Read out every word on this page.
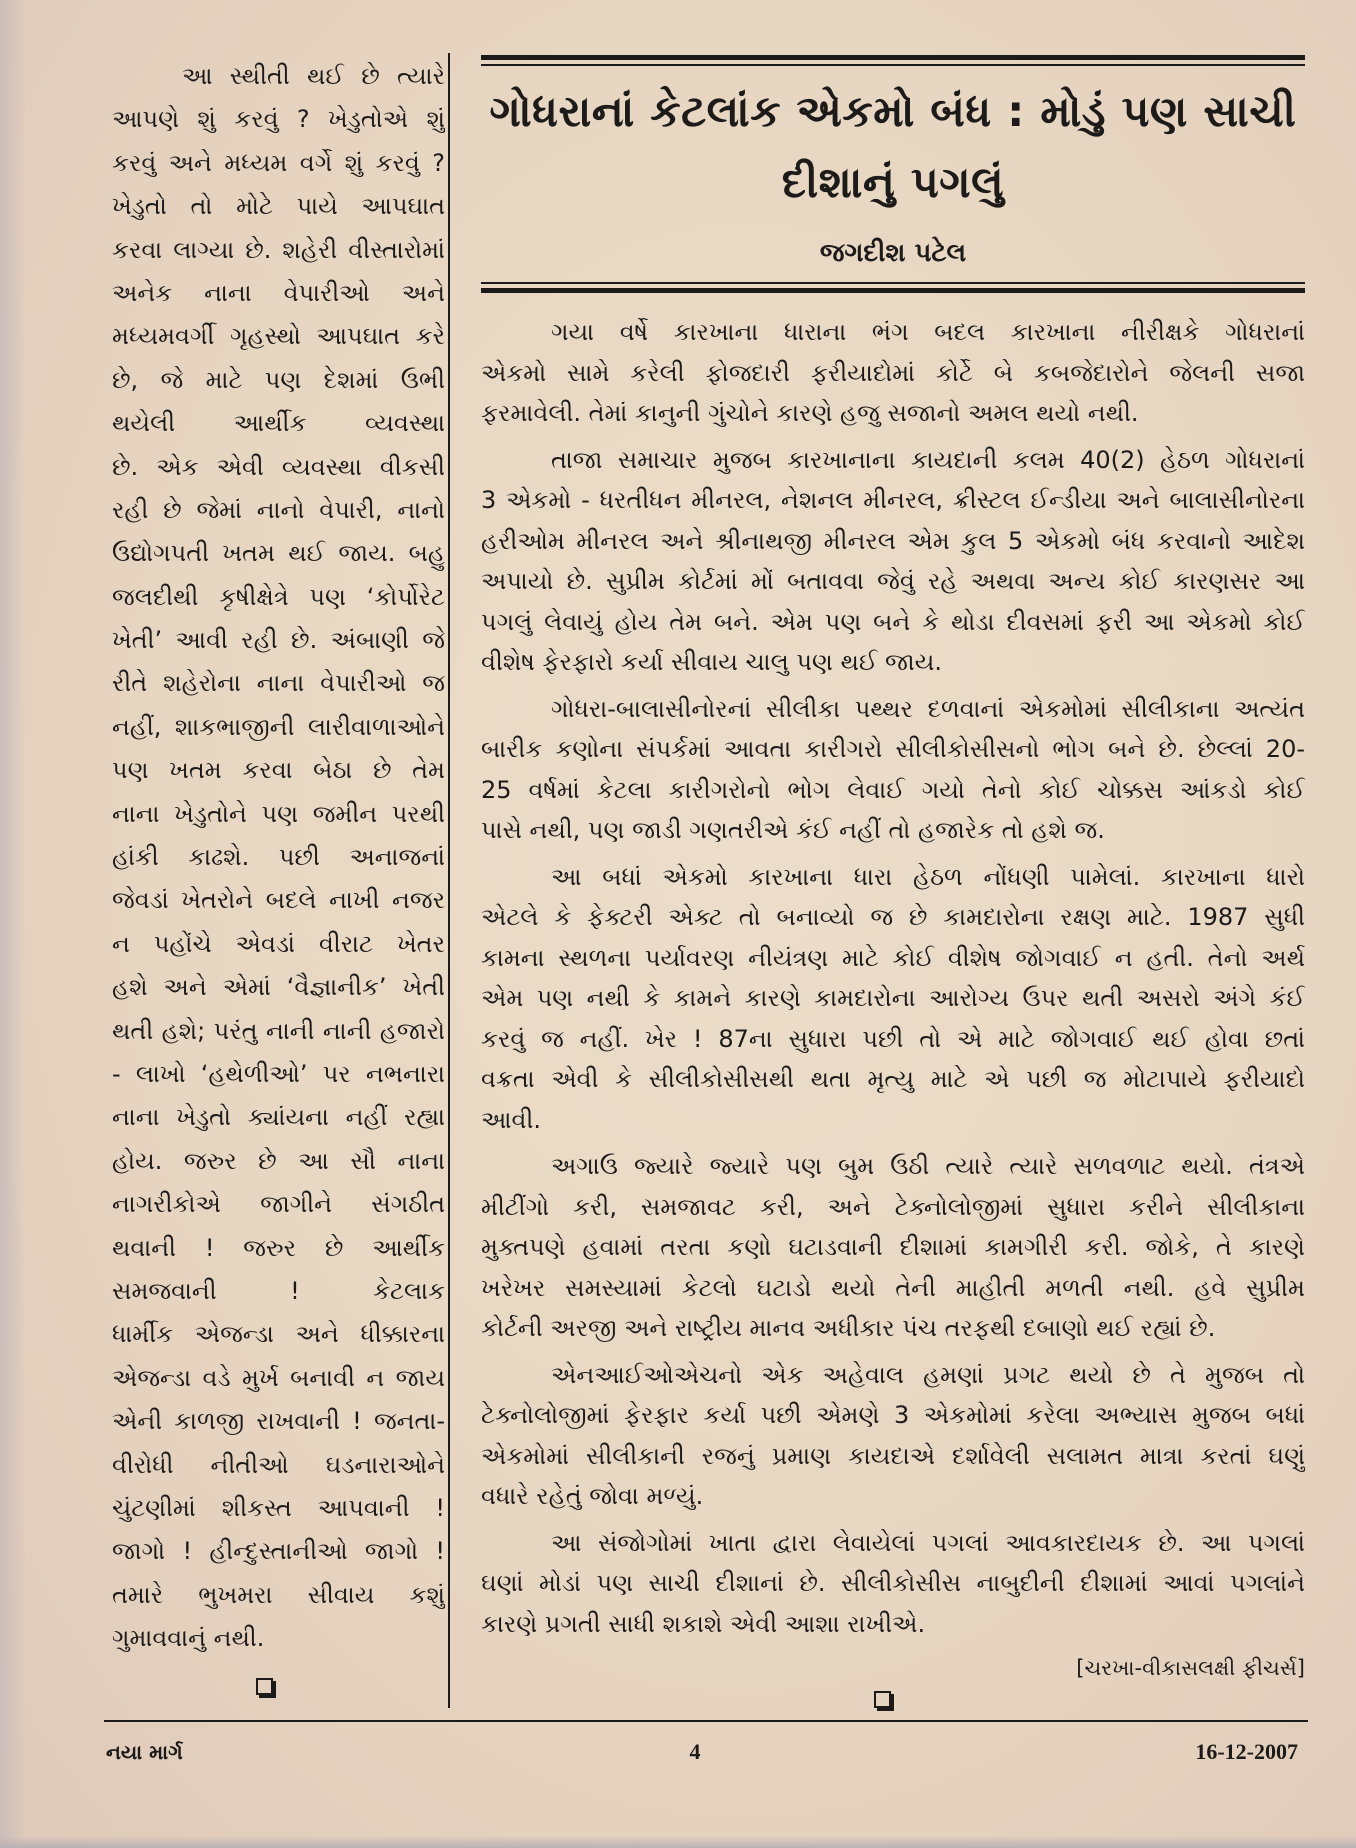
આ સ્થીતી થઈ છે ત્યારે
આપણે શું કરવું ? ખેડુતોએ શું
કરવું અને મધ્યમ વર્ગે શું કરવું ?
ખેડુતો તો મોટે પાયે આપઘાત
કરવા લાગ્યા છે. શહેરી વીસ્તારોમાં
અનેક નાના વેપારીઓ અને
મધ્યમવર્ગી ગૃહસ્થો આપઘાત કરે
છે, જે માટે પણ દેશમાં ઉભી
થયેલી આર્થીક વ્યવસ્થા
છે. એક એવી વ્યવસ્થા વીકસી
રહી છે જેમાં નાનો વેપારી, નાનો
ઉદ્યોગપતી ખતમ થઈ જાય. બહુ
જલદીથી કૃષીક્ષેત્રે પણ ‘કોર્પોરેટ
ખેતી’ આવી રહી છે. અંબાણી જે
રીતે શહેરોના નાના વેપારીઓ જ
નહીં, શાકભાજીની લારીવાળાઓને
પણ ખતમ કરવા બેઠા છે તેમ
નાના ખેડુતોને પણ જમીન પરથી
હાંકી કાઢશે. પછી અનાજનાં
જેવડાં ખેતરોને બદલે નાખી નજર
ન પહોંચે એવડાં વીરાટ ખેતર
હશે અને એમાં ‘વૈજ્ઞાનીક’ ખેતી
થતી હશે; પરંતુ નાની નાની હજારો
- લાખો ‘હથેળીઓ’ પર નભનારા
નાના ખેડુતો ક્યાંયના નહીં રહ્યા
હોય. જરુર છે આ સૌ નાના
નાગરીકોએ જાગીને સંગઠીત
થવાની ! જરુર છે આર્થીક
સમજવાની ! કેટલાક
ધાર્મીક એજન્ડા અને ધીક્કારના
એજન્ડા વડે મુર્ખ બનાવી ન જાય
એની કાળજી રાખવાની ! જનતા-
વીરોધી નીતીઓ ઘડનારાઓને
ચુંટણીમાં શીકસ્ત આપવાની !
જાગો ! હીન્દુસ્તાનીઓ જાગો !
તમારે ભુખમરા સીવાય કશું
ગુમાવવાનું નથી.
ગોધરાનાં કેટલાંક એકમો બંધ : મોડું પણ સાચી
દીશાનું પગલું
જગદીશ પટેલ
ગયા વર્ષે કારખાના ધારાના ભંગ બદલ કારખાના નીરીક્ષકે ગોધરાનાં
એકમો સામે કરેલી ફોજદારી ફરીયાદોમાં કોર્ટે બે કબજેદારોને જેલની સજા
ફરમાવેલી. તેમાં કાનુની ગુંચોને કારણે હજુ સજાનો અમલ થયો નથી.
તાજા સમાચાર મુજબ કારખાનાના કાયદાની કલમ 40(2) હેઠળ ગોધરાનાં
3 એકમો - ધરતીધન મીનરલ, નેશનલ મીનરલ, ક્રીસ્ટલ ઈન્ડીયા અને બાલાસીનોરના
હરીઓમ મીનરલ અને શ્રીનાથજી મીનરલ એમ કુલ 5 એકમો બંધ કરવાનો આદેશ
અપાયો છે. સુપ્રીમ કોર્ટમાં મોં બતાવવા જેવું રહે અથવા અન્ય કોઈ કારણસર આ
પગલું લેવાયું હોય તેમ બને. એમ પણ બને કે થોડા દીવસમાં ફરી આ એકમો કોઈ
વીશેષ ફેરફારો કર્યા સીવાય ચાલુ પણ થઈ જાય.
ગોધરા-બાલાસીનોરનાં સીલીકા પથ્થર દળવાનાં એકમોમાં સીલીકાના અત્યંત
બારીક કણોના સંપર્કમાં આવતા કારીગરો સીલીકોસીસનો ભોગ બને છે. છેલ્લાં 20-
25 વર્ષમાં કેટલા કારીગરોનો ભોગ લેવાઈ ગયો તેનો કોઈ ચોક્કસ આંકડો કોઈ
પાસે નથી, પણ જાડી ગણતરીએ કંઈ નહીં તો હજારેક તો હશે જ.
આ બધાં એકમો કારખાના ધારા હેઠળ નોંધણી પામેલાં. કારખાના ધારો
એટલે કે ફેક્ટરી એક્ટ તો બનાવ્યો જ છે કામદારોના રક્ષણ માટે. 1987 સુધી
કામના સ્થળના પર્યાવરણ નીયંત્રણ માટે કોઈ વીશેષ જોગવાઈ ન હતી. તેનો અર્થ
એમ પણ નથી કે કામને કારણે કામદારોના આરોગ્ય ઉપર થતી અસરો અંગે કંઈ
કરવું જ નહીં. ખેર ! 87ના સુધારા પછી તો એ માટે જોગવાઈ થઈ હોવા છતાં
વક્રતા એવી કે સીલીકોસીસથી થતા મૃત્યુ માટે એ પછી જ મોટાપાયે ફરીયાદો
આવી.
અગાઉ જ્યારે જ્યારે પણ બુમ ઉઠી ત્યારે ત્યારે સળવળાટ થયો. તંત્રએ
મીટીંગો કરી, સમજાવટ કરી, અને ટેક્નોલોજીમાં સુધારા કરીને સીલીકાના
મુક્તપણે હવામાં તરતા કણો ઘટાડવાની દીશામાં કામગીરી કરી. જોકે, તે કારણે
ખરેખર સમસ્યામાં કેટલો ઘટાડો થયો તેની માહીતી મળતી નથી. હવે સુપ્રીમ
કોર્ટની અરજી અને રાષ્ટ્રીય માનવ અધીકાર પંચ તરફથી દબાણો થઈ રહ્યાં છે.
એનઆઈઓએચનો એક અહેવાલ હમણાં પ્રગટ થયો છે તે મુજબ તો
ટેક્નોલોજીમાં ફેરફાર કર્યા પછી એમણે 3 એકમોમાં કરેલા અભ્યાસ મુજબ બધાં
એકમોમાં સીલીકાની રજનું પ્રમાણ કાયદાએ દર્શાવેલી સલામત માત્રા કરતાં ઘણું
વધારે રહેતું જોવા મળ્યું.
આ સંજોગોમાં ખાતા દ્વારા લેવાયેલાં પગલાં આવકારદાયક છે. આ પગલાં
ઘણાં મોડાં પણ સાચી દીશાનાં છે. સીલીકોસીસ નાબુદીની દીશામાં આવાં પગલાંને
કારણે પ્રગતી સાધી શકાશે એવી આશા રાખીએ.
[ચરખા-વીકાસલક્ષી ફીચર્સ]
નયા માર્ગ	4	16-12-2007
